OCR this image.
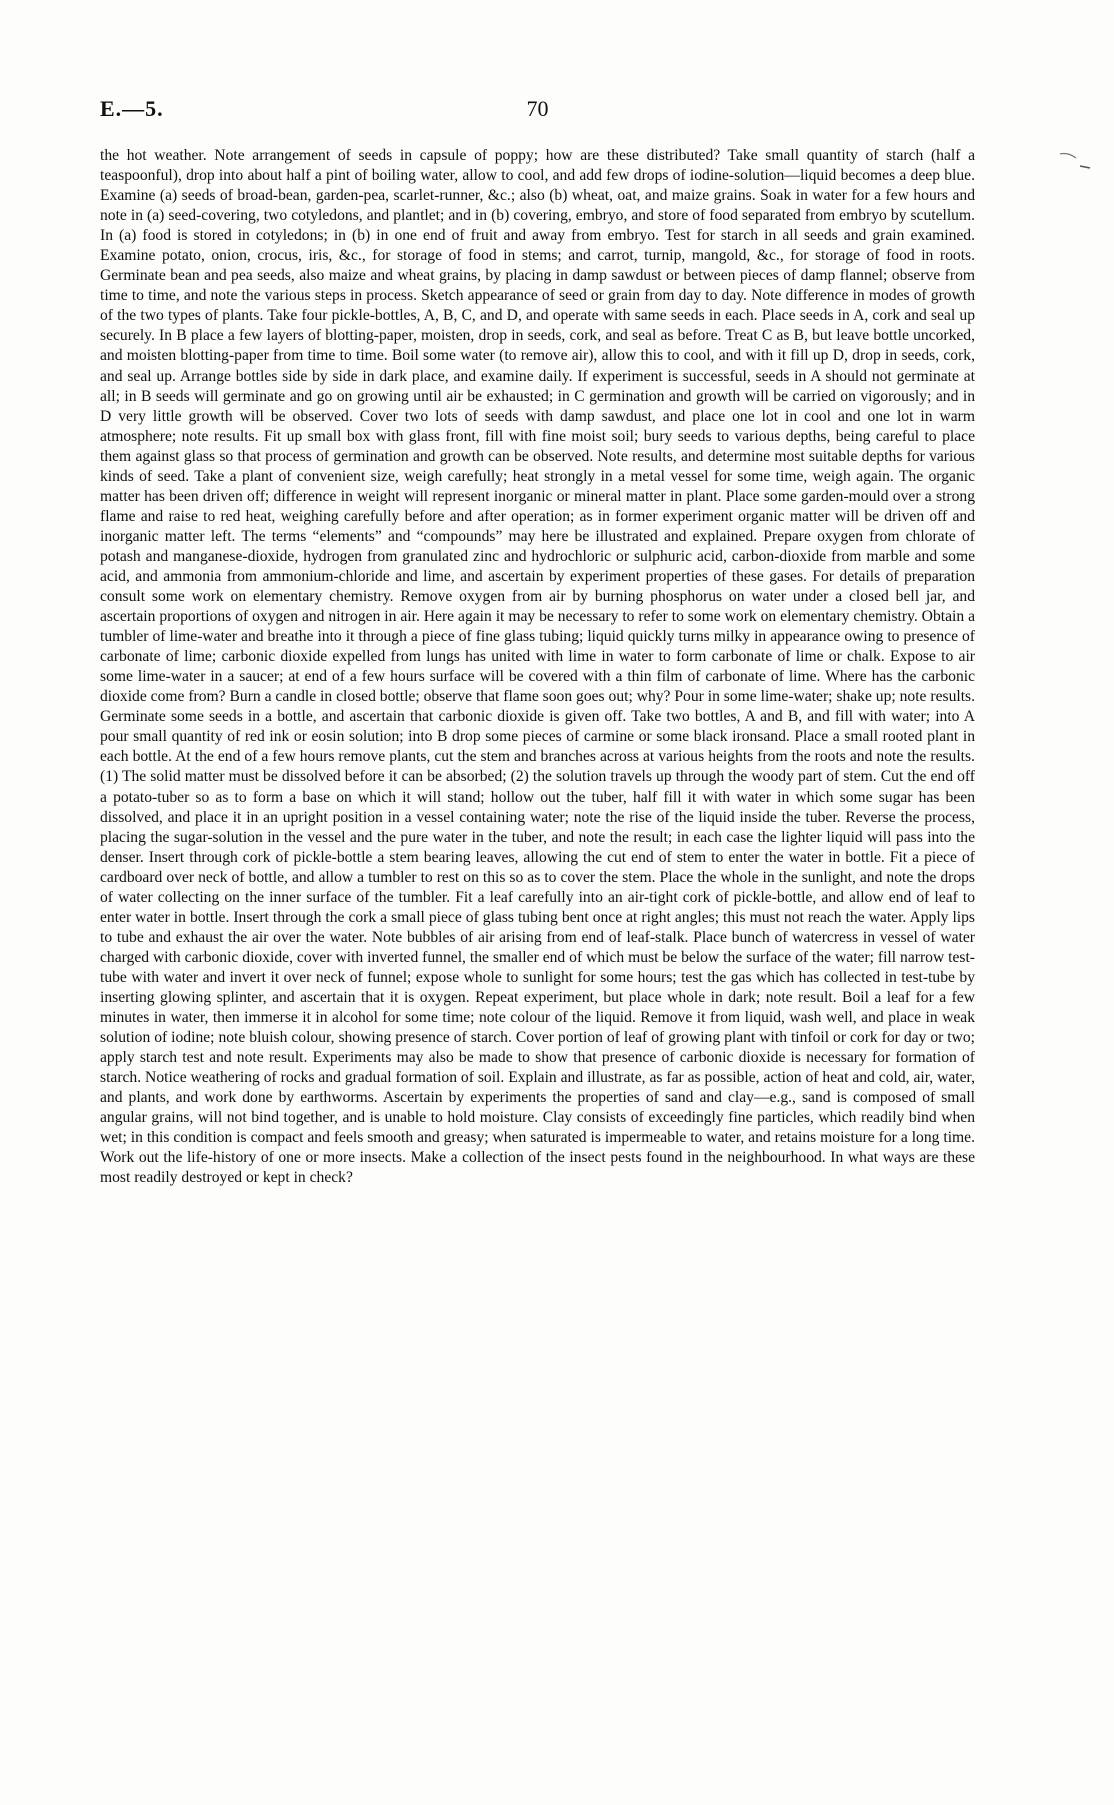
E.—5.	70

the hot weather. Note arrangement of seeds in capsule of poppy; how are these distributed? Take small quantity of starch (half a teaspoonful), drop into about half a pint of boiling water, allow to cool, and add few drops of iodine-solution—liquid becomes a deep blue. Examine (a) seeds of broad-bean, garden-pea, scarlet-runner, &c.; also (b) wheat, oat, and maize grains. Soak in water for a few hours and note in (a) seed-covering, two cotyledons, and plantlet; and in (b) covering, embryo, and store of food separated from embryo by scutellum. In (a) food is stored in cotyledons; in (b) in one end of fruit and away from embryo. Test for starch in all seeds and grain examined. Examine potato, onion, crocus, iris, &c., for storage of food in stems; and carrot, turnip, mangold, &c., for storage of food in roots. Germinate bean and pea seeds, also maize and wheat grains, by placing in damp sawdust or between pieces of damp flannel; observe from time to time, and note the various steps in process. Sketch appearance of seed or grain from day to day. Note difference in modes of growth of the two types of plants. Take four pickle-bottles, A, B, C, and D, and operate with same seeds in each. Place seeds in A, cork and seal up securely. In B place a few layers of blotting-paper, moisten, drop in seeds, cork, and seal as before. Treat C as B, but leave bottle uncorked, and moisten blotting-paper from time to time. Boil some water (to remove air), allow this to cool, and with it fill up D, drop in seeds, cork, and seal up. Arrange bottles side by side in dark place, and examine daily. If experiment is successful, seeds in A should not germinate at all; in B seeds will germinate and go on growing until air be exhausted; in C germination and growth will be carried on vigorously; and in D very little growth will be observed. Cover two lots of seeds with damp sawdust, and place one lot in cool and one lot in warm atmosphere; note results. Fit up small box with glass front, fill with fine moist soil; bury seeds to various depths, being careful to place them against glass so that process of germination and growth can be observed. Note results, and determine most suitable depths for various kinds of seed. Take a plant of convenient size, weigh carefully; heat strongly in a metal vessel for some time, weigh again. The organic matter has been driven off; difference in weight will represent inorganic or mineral matter in plant. Place some garden-mould over a strong flame and raise to red heat, weighing carefully before and after operation; as in former experiment organic matter will be driven off and inorganic matter left. The terms “elements” and “compounds” may here be illustrated and explained. Prepare oxygen from chlorate of potash and manganese-dioxide, hydrogen from granulated zinc and hydrochloric or sulphuric acid, carbon-dioxide from marble and some acid, and ammonia from ammonium-chloride and lime, and ascertain by experiment properties of these gases. For details of preparation consult some work on elementary chemistry. Remove oxygen from air by burning phosphorus on water under a closed bell jar, and ascertain proportions of oxygen and nitrogen in air. Here again it may be necessary to refer to some work on elementary chemistry. Obtain a tumbler of lime-water and breathe into it through a piece of fine glass tubing; liquid quickly turns milky in appearance owing to presence of carbonate of lime; carbonic dioxide expelled from lungs has united with lime in water to form carbonate of lime or chalk. Expose to air some lime-water in a saucer; at end of a few hours surface will be covered with a thin film of carbonate of lime. Where has the carbonic dioxide come from? Burn a candle in closed bottle; observe that flame soon goes out; why? Pour in some lime-water; shake up; note results. Germinate some seeds in a bottle, and ascertain that carbonic dioxide is given off. Take two bottles, A and B, and fill with water; into A pour small quantity of red ink or eosin solution; into B drop some pieces of carmine or some black ironsand. Place a small rooted plant in each bottle. At the end of a few hours remove plants, cut the stem and branches across at various heights from the roots and note the results. (1) The solid matter must be dissolved before it can be absorbed; (2) the solution travels up through the woody part of stem. Cut the end off a potato-tuber so as to form a base on which it will stand; hollow out the tuber, half fill it with water in which some sugar has been dissolved, and place it in an upright position in a vessel containing water; note the rise of the liquid inside the tuber. Reverse the process, placing the sugar-solution in the vessel and the pure water in the tuber, and note the result; in each case the lighter liquid will pass into the denser. Insert through cork of pickle-bottle a stem bearing leaves, allowing the cut end of stem to enter the water in bottle. Fit a piece of cardboard over neck of bottle, and allow a tumbler to rest on this so as to cover the stem. Place the whole in the sunlight, and note the drops of water collecting on the inner surface of the tumbler. Fit a leaf carefully into an air-tight cork of pickle-bottle, and allow end of leaf to enter water in bottle. Insert through the cork a small piece of glass tubing bent once at right angles; this must not reach the water. Apply lips to tube and exhaust the air over the water. Note bubbles of air arising from end of leaf-stalk. Place bunch of watercress in vessel of water charged with carbonic dioxide, cover with inverted funnel, the smaller end of which must be below the surface of the water; fill narrow test-tube with water and invert it over neck of funnel; expose whole to sunlight for some hours; test the gas which has collected in test-tube by inserting glowing splinter, and ascertain that it is oxygen. Repeat experiment, but place whole in dark; note result. Boil a leaf for a few minutes in water, then immerse it in alcohol for some time; note colour of the liquid. Remove it from liquid, wash well, and place in weak solution of iodine; note bluish colour, showing presence of starch. Cover portion of leaf of growing plant with tinfoil or cork for day or two; apply starch test and note result. Experiments may also be made to show that presence of carbonic dioxide is necessary for formation of starch. Notice weathering of rocks and gradual formation of soil. Explain and illustrate, as far as possible, action of heat and cold, air, water, and plants, and work done by earthworms. Ascertain by experiments the properties of sand and clay—e.g., sand is composed of small angular grains, will not bind together, and is unable to hold moisture. Clay consists of exceedingly fine particles, which readily bind when wet; in this condition is compact and feels smooth and greasy; when saturated is impermeable to water, and retains moisture for a long time. Work out the life-history of one or more insects. Make a collection of the insect pests found in the neighbourhood. In what ways are these most readily destroyed or kept in check?
